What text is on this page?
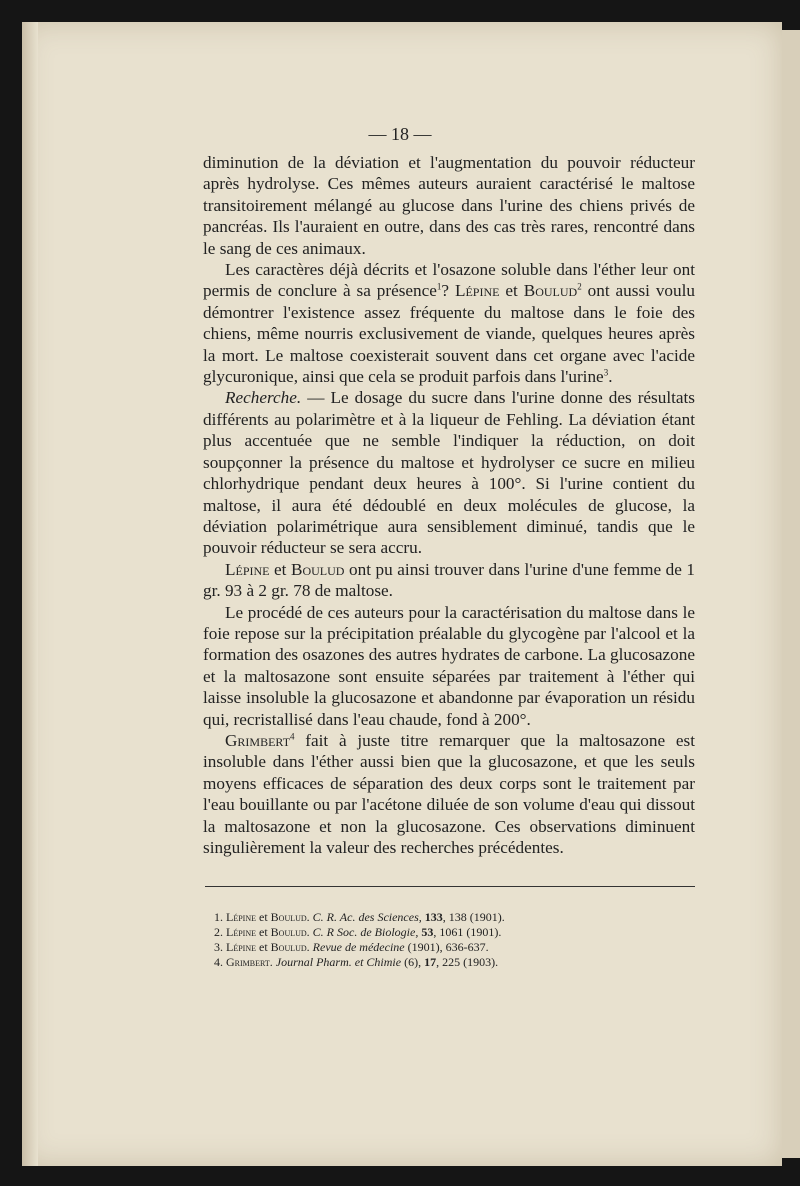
— 18 —

diminution de la déviation et l'augmentation du pouvoir réducteur après hydrolyse. Ces mêmes auteurs auraient caractérisé le maltose transitoirement mélangé au glucose dans l'urine des chiens privés de pancréas. Ils l'auraient en outre, dans des cas très rares, rencontré dans le sang de ces animaux.

Les caractères déjà décrits et l'osazone soluble dans l'éther leur ont permis de conclure à sa présence$^1$? Lépine et Boulud$^2$ ont aussi voulu démontrer l'existence assez fréquente du maltose dans le foie des chiens, même nourris exclusivement de viande, quelques heures après la mort. Le maltose coexisterait souvent dans cet organe avec l'acide glycuronique, ainsi que cela se produit parfois dans l'urine$^3$.

Recherche. — Le dosage du sucre dans l'urine donne des résultats différents au polarimètre et à la liqueur de Fehling. La déviation étant plus accentuée que ne semble l'indiquer la réduction, on doit soupçonner la présence du maltose et hydrolyser ce sucre en milieu chlorhydrique pendant deux heures à 100°. Si l'urine contient du maltose, il aura été dédoublé en deux molécules de glucose, la déviation polarimétrique aura sensiblement diminué, tandis que le pouvoir réducteur se sera accru.

Lépine et Boulud ont pu ainsi trouver dans l'urine d'une femme de 1 gr. 93 à 2 gr. 78 de maltose.

Le procédé de ces auteurs pour la caractérisation du maltose dans le foie repose sur la précipitation préalable du glycogène par l'alcool et la formation des osazones des autres hydrates de carbone. La glucosazone et la maltosazone sont ensuite séparées par traitement à l'éther qui laisse insoluble la glucosazone et abandonne par évaporation un résidu qui, recristallisé dans l'eau chaude, fond à 200°.

Grimbert$^4$ fait à juste titre remarquer que la maltosazone est insoluble dans l'éther aussi bien que la glucosazone, et que les seuls moyens efficaces de séparation des deux corps sont le traitement par l'eau bouillante ou par l'acétone diluée de son volume d'eau qui dissout la maltosazone et non la glucosazone. Ces observations diminuent singulièrement la valeur des recherches précédentes.

1. Lépine et Boulud. C. R. Ac. des Sciences, 133, 138 (1901).
2. Lépine et Boulud. C. R Soc. de Biologie, 53, 1061 (1901).
3. Lépine et Boulud. Revue de médecine (1901), 636-637.
4. Grimbert. Journal Pharm. et Chimie (6), 17, 225 (1903).
